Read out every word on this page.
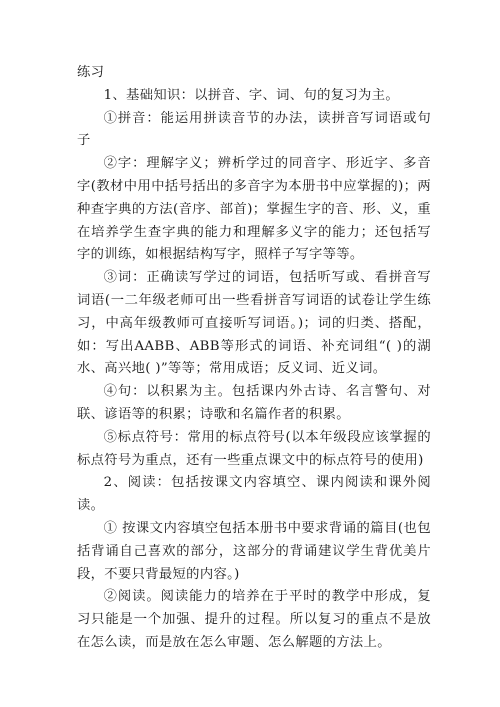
练习

1、基础知识：以拼音、字、词、句的复习为主。

①拼音：能运用拼读音节的办法，读拼音写词语或句子

②字：理解字义；辨析学过的同音字、形近字、多音字(教材中用中括号括出的多音字为本册书中应掌握的)；两种查字典的方法(音序、部首)；掌握生字的音、形、义，重在培养学生查字典的能力和理解多义字的能力；还包括写字的训练，如根据结构写字，照样子写字等等。

③词：正确读写学过的词语，包括听写或、看拼音写词语(一二年级老师可出一些看拼音写词语的试卷让学生练习，中高年级教师可直接听写词语。)；词的归类、搭配，如：写出AABB、ABB等形式的词语、补充词组“( )的湖水、高兴地( )”等等；常用成语；反义词、近义词。

④句：以积累为主。包括课内外古诗、名言警句、对联、谚语等的积累；诗歌和名篇作者的积累。

⑤标点符号：常用的标点符号(以本年级段应该掌握的标点符号为重点，还有一些重点课文中的标点符号的使用)

2、阅读：包括按课文内容填空、课内阅读和课外阅读。

① 按课文内容填空包括本册书中要求背诵的篇目(也包括背诵自己喜欢的部分，这部分的背诵建议学生背优美片段，不要只背最短的内容。)

②阅读。阅读能力的培养在于平时的教学中形成，复习只能是一个加强、提升的过程。所以复习的重点不是放在怎么读，而是放在怎么审题、怎么解题的方法上。
